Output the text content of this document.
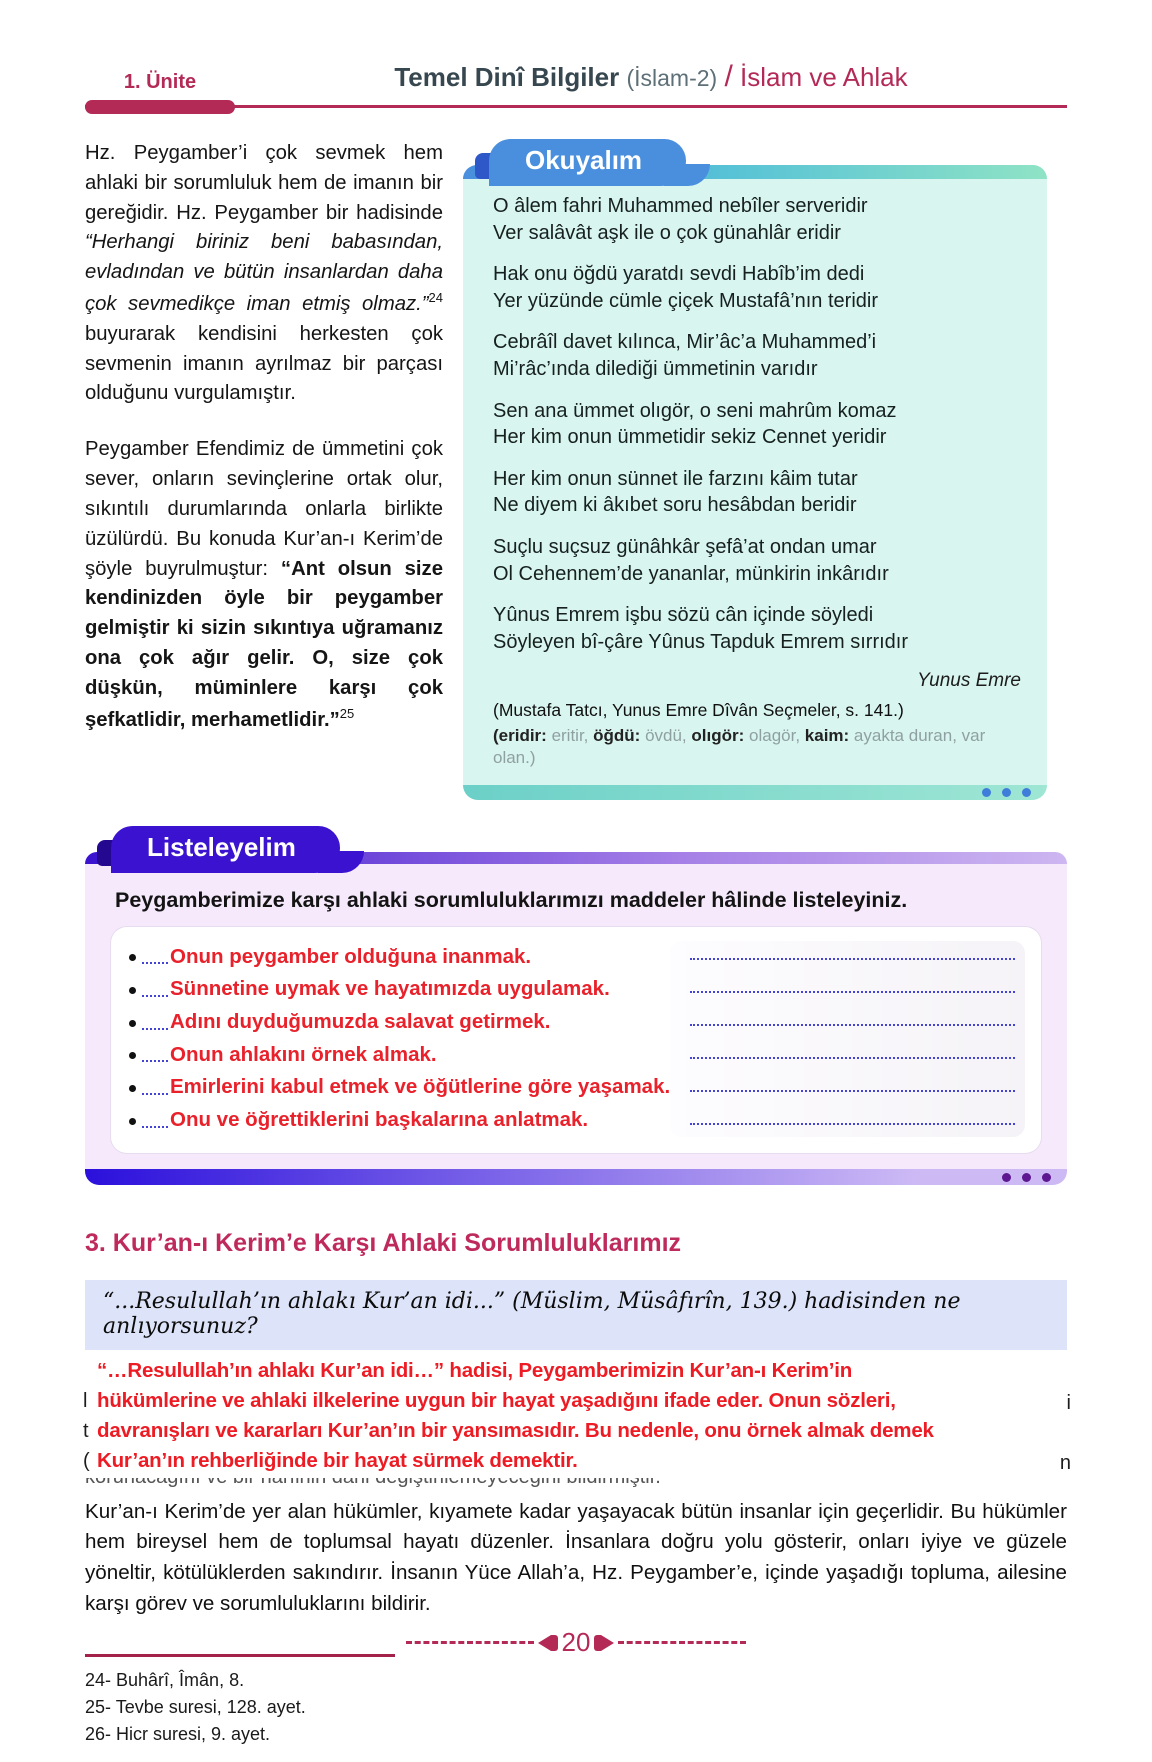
1. Ünite	Temel Dinî Bilgiler (İslam-2) / İslam ve Ahlak

Hz. Peygamber’i çok sevmek hem ahlaki bir sorumluluk hem de imanın bir gereğidir. Hz. Peygamber bir hadisinde “Herhangi biriniz beni babasından, evladından ve bütün insanlardan daha çok sevmedikçe iman etmiş olmaz.”$^{24}$ buyurarak kendisini herkesten çok sevmenin imanın ayrılmaz bir parçası olduğunu vurgulamıştır.

Peygamber Efendimiz de ümmetini çok sever, onların sevinçlerine ortak olur, sıkıntılı durumlarında onlarla birlikte üzülürdü. Bu konuda Kur’an-ı Kerim’de şöyle buyrulmuştur: “Ant olsun size kendinizden öyle bir peygamber gelmiştir ki sizin sıkıntıya uğramanız ona çok ağır gelir. O, size çok düşkün, müminlere karşı çok şefkatlidir, merhametlidir.”$^{25}$

Okuyalım
O âlem fahri Muhammed nebîler serveridir
Ver salâvât aşk ile o çok günahlâr eridir
Hak onu öğdü yaratdı sevdi Habîb’im dedi
Yer yüzünde cümle çiçek Mustafâ’nın teridir
Cebrâîl davet kılınca, Mir’âc’a Muhammed’i
Mi’râc’ında dilediği ümmetinin varıdır
Sen ana ümmet olıgör, o seni mahrûm komaz
Her kim onun ümmetidir sekiz Cennet yeridir
Her kim onun sünnet ile farzını kâim tutar
Ne diyem ki âkıbet soru hesâbdan beridir
Suçlu suçsuz günâhkâr şefâ’at ondan umar
Ol Cehennem’de yananlar, münkirin inkârıdır
Yûnus Emrem işbu sözü cân içinde söyledi
Söyleyen bî-çâre Yûnus Tapduk Emrem sırrıdır
Yunus Emre
(Mustafa Tatcı, Yunus Emre Dîvân Seçmeler, s. 141.)
(eridir: eritir, öğdü: övdü, olıgör: olagör, kaim: ayakta duran, var olan.)
Listeleyelim
Peygamberimize karşı ahlaki sorumluluklarımızı maddeler hâlinde listeleyiniz.
Onun peygamber olduğuna inanmak.
Sünnetine uymak ve hayatımızda uygulamak.
Adını duyduğumuzda salavat getirmek.
Onun ahlakını örnek almak.
Emirlerini kabul etmek ve öğütlerine göre yaşamak.
Onu ve öğrettiklerini başkalarına anlatmak.
3. Kur’an-ı Kerim’e Karşı Ahlaki Sorumluluklarımız
“...Resulullah’ın ahlakı Kur’an idi...” (Müslim, Müsâfırîn, 139.) hadisinden ne anlıyorsunuz?
l
t
(
i
n
“…Resulullah’ın ahlakı Kur’an idi…” hadisi, Peygamberimizin Kur’an-ı Kerim’in
hükümlerine ve ahlaki ilkelerine uygun bir hayat yaşadığını ifade eder. Onun sözleri,
davranışları ve kararları Kur’an’ın bir yansımasıdır. Bu nedenle, onu örnek almak demek
Kur’an’ın rehberliğinde bir hayat sürmek demektir.

Kur’an-ı Kerim’de yer alan hükümler, kıyamete kadar yaşayacak bütün insanlar için geçerlidir. Bu hükümler hem bireysel hem de toplumsal hayatı düzenler. İnsanlara doğru yolu gösterir, onları iyiye ve güzele yöneltir, kötülüklerden sakındırır. İnsanın Yüce Allah’a, Hz. Peygamber’e, içinde yaşadığı topluma, ailesine karşı görev ve sorumluluklarını bildirir.

24- Buhârî, Îmân, 8.
25- Tevbe suresi, 128. ayet.
26- Hicr suresi, 9. ayet.
20
